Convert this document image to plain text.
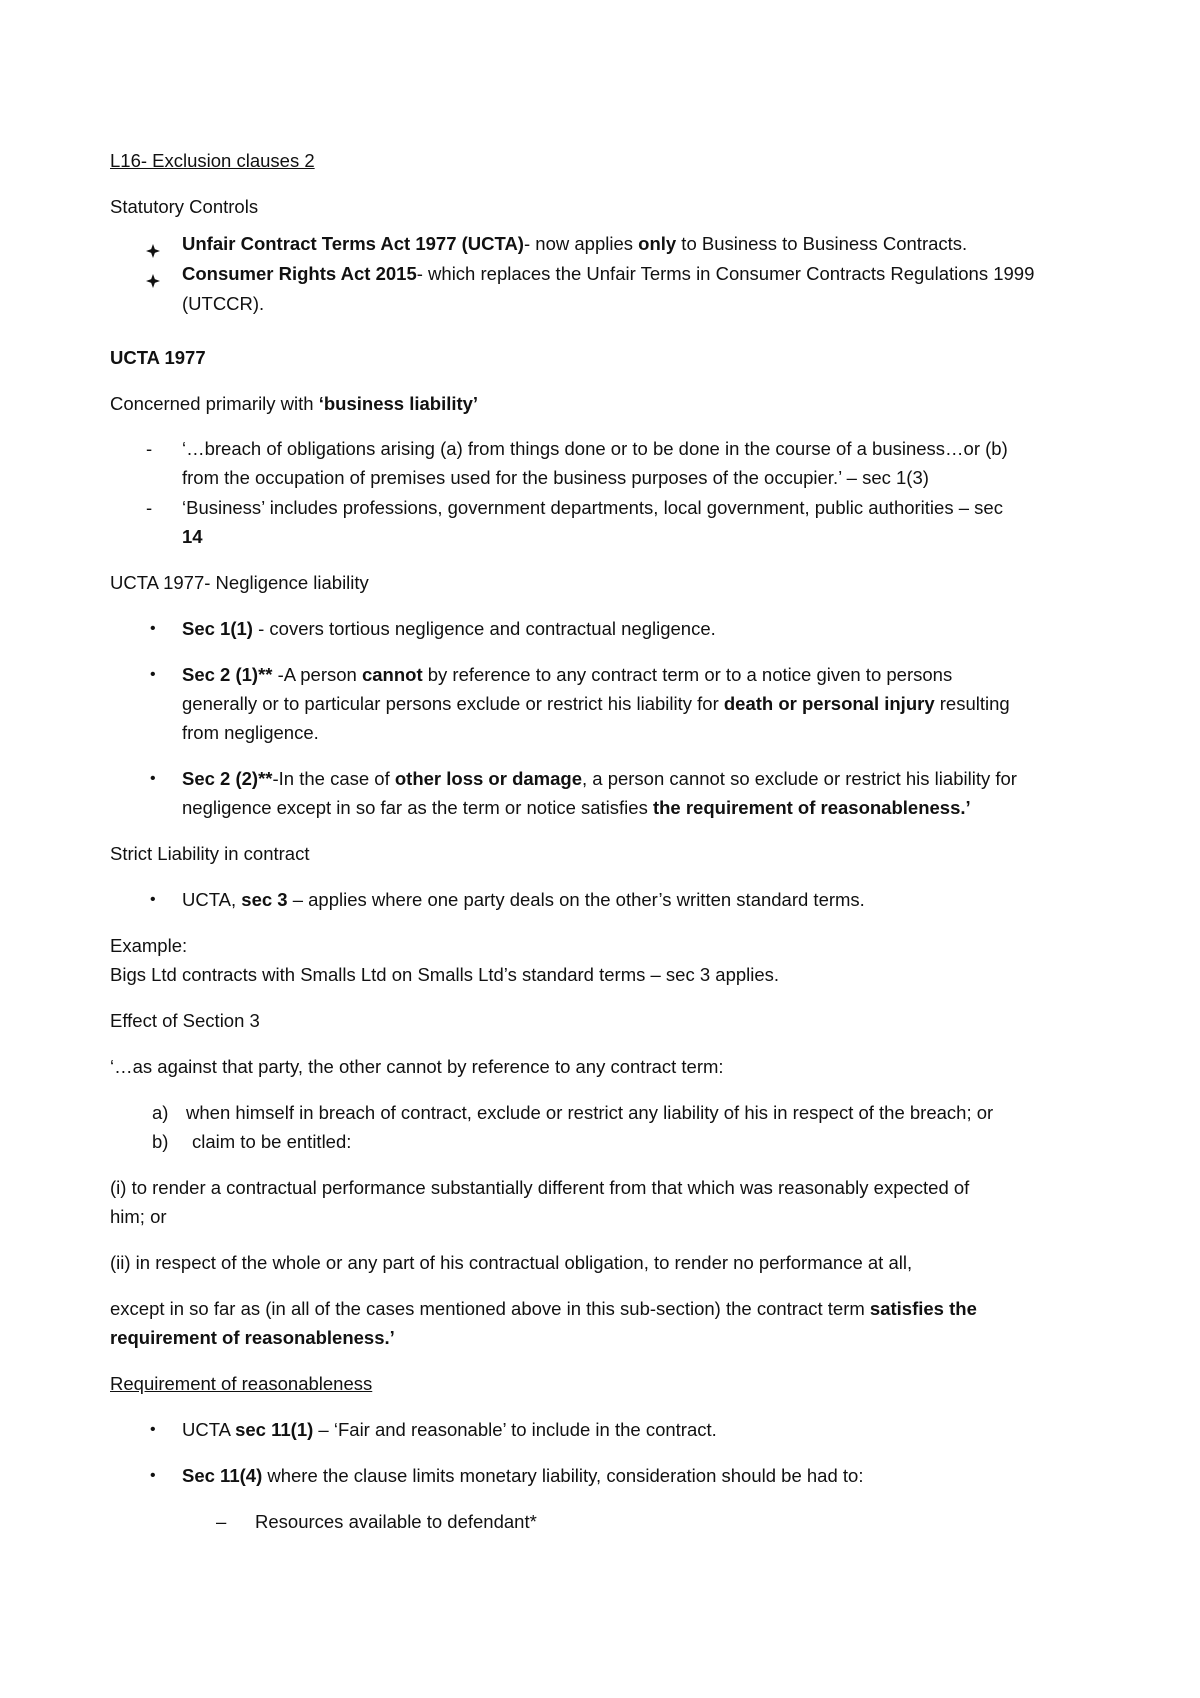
L16- Exclusion clauses 2
Statutory Controls
Unfair Contract Terms Act 1977 (UCTA)- now applies only to Business to Business Contracts.
Consumer Rights Act 2015- which replaces the Unfair Terms in Consumer Contracts Regulations 1999
(UTCCR).
UCTA 1977
Concerned primarily with ‘business liability’
- ‘…breach of obligations arising (a) from things done or to be done in the course of a business…or (b)
from the occupation of premises used for the business purposes of the occupier.’ – sec 1(3)
- ‘Business’ includes professions, government departments, local government, public authorities – sec
14
UCTA 1977- Negligence liability
• Sec 1(1) - covers tortious negligence and contractual negligence.
• Sec 2 (1)** -A person cannot by reference to any contract term or to a notice given to persons
generally or to particular persons exclude or restrict his liability for death or personal injury resulting
from negligence.
• Sec 2 (2)**-In the case of other loss or damage, a person cannot so exclude or restrict his liability for
negligence except in so far as the term or notice satisfies the requirement of reasonableness.’
Strict Liability in contract
• UCTA, sec 3 – applies where one party deals on the other’s written standard terms.
Example:
Bigs Ltd contracts with Smalls Ltd on Smalls Ltd’s standard terms – sec 3 applies.
Effect of Section 3
‘…as against that party, the other cannot by reference to any contract term:
a) when himself in breach of contract, exclude or restrict any liability of his in respect of the breach; or
b) claim to be entitled:
(i) to render a contractual performance substantially different from that which was reasonably expected of
him; or
(ii) in respect of the whole or any part of his contractual obligation, to render no performance at all,
except in so far as (in all of the cases mentioned above in this sub-section) the contract term satisfies the
requirement of reasonableness.’
Requirement of reasonableness
• UCTA sec 11(1) – ‘Fair and reasonable’ to include in the contract.
• Sec 11(4) where the clause limits monetary liability, consideration should be had to:
– Resources available to defendant*
